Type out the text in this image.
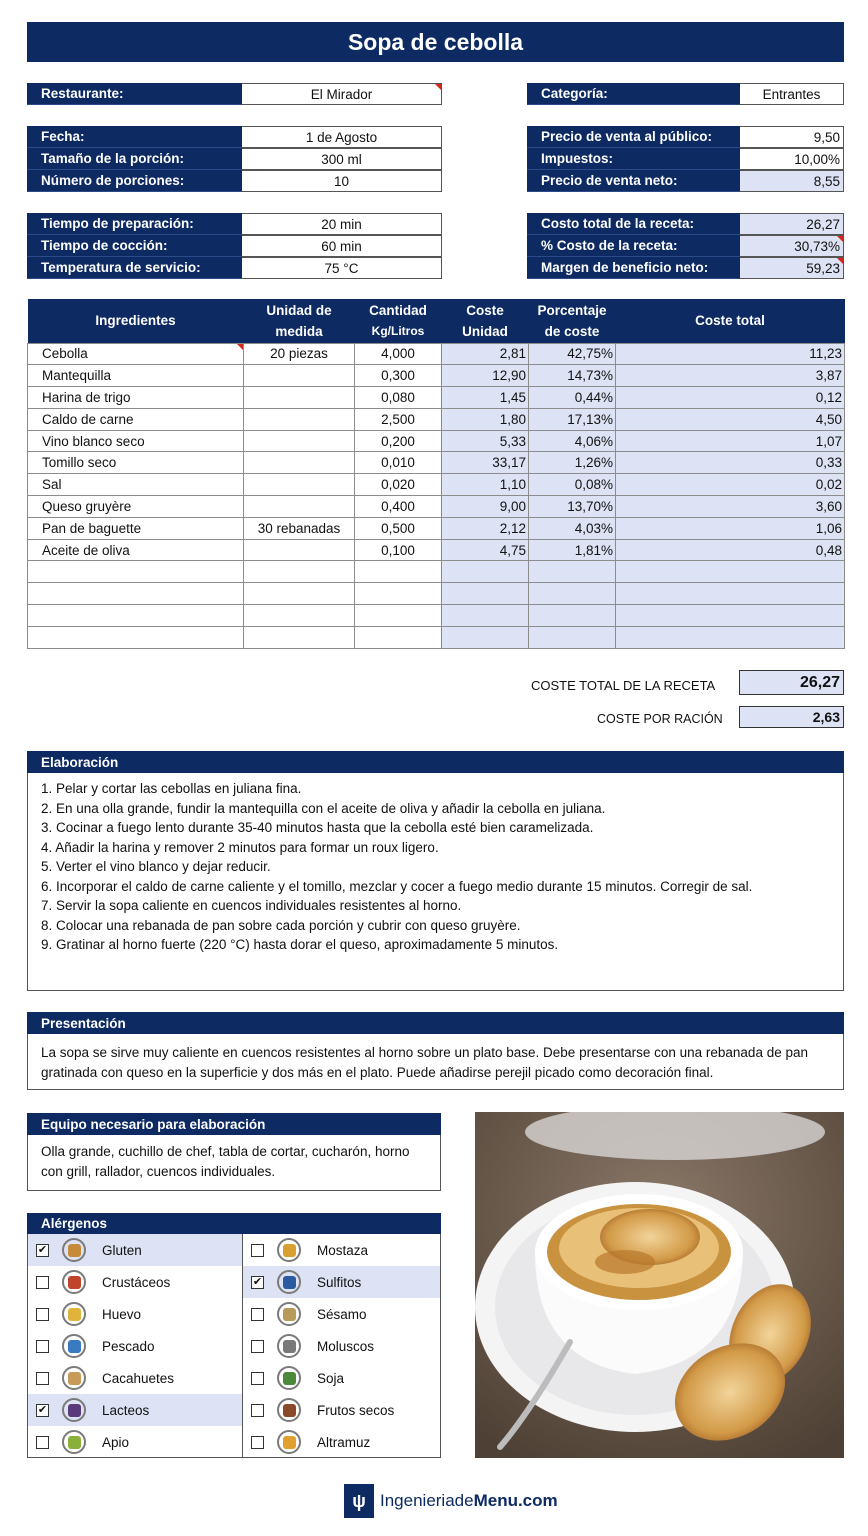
Sopa de cebolla
Restaurante:	El Mirador
Fecha:	1 de Agosto
Tamaño de la porción:	300 ml
Número de porciones:	10
Tiempo de preparación:	20 min
Tiempo de cocción:	60 min
Temperatura de servicio:	75 °C
Categoría:	Entrantes
Precio de venta al público:	9,50
Impuestos:	10,00%
Precio de venta neto:	8,55
Costo total de la receta:	26,27
% Costo de la receta:	30,73%
Margen de beneficio neto:	59,23
Ingredientes	Unidad de	Cantidad	Coste	Porcentaje	Coste total
	medida	Kg/Litros	Unidad	de coste	
Cebolla	20 piezas	4,000	2,81	42,75%	11,23
Mantequilla		0,300	12,90	14,73%	3,87
Harina de trigo		0,080	1,45	0,44%	0,12
Caldo de carne		2,500	1,80	17,13%	4,50
Vino blanco seco		0,200	5,33	4,06%	1,07
Tomillo seco		0,010	33,17	1,26%	0,33
Sal		0,020	1,10	0,08%	0,02
Queso gruyère		0,400	9,00	13,70%	3,60
Pan de baguette	30 rebanadas	0,500	2,12	4,03%	1,06
Aceite de oliva		0,100	4,75	1,81%	0,48

COSTE TOTAL DE LA RECETA	26,27
COSTE POR RACIÓN	2,63
Elaboración
1. Pelar y cortar las cebollas en juliana fina.
2. En una olla grande, fundir la mantequilla con el aceite de oliva y añadir la cebolla en juliana.
3. Cocinar a fuego lento durante 35-40 minutos hasta que la cebolla esté bien caramelizada.
4. Añadir la harina y remover 2 minutos para formar un roux ligero.
5. Verter el vino blanco y dejar reducir.
6. Incorporar el caldo de carne caliente y el tomillo, mezclar y cocer a fuego medio durante 15 minutos. Corregir de sal.
7. Servir la sopa caliente en cuencos individuales resistentes al horno.
8. Colocar una rebanada de pan sobre cada porción y cubrir con queso gruyère.
9. Gratinar al horno fuerte (220 °C) hasta dorar el queso, aproximadamente 5 minutos.
Presentación
La sopa se sirve muy caliente en cuencos resistentes al horno sobre un plato base. Debe presentarse con una rebanada de pan gratinada con queso en la superficie y dos más en el plato. Puede añadirse perejil picado como decoración final.
Equipo necesario para elaboración
Olla grande, cuchillo de chef, tabla de cortar, cucharón, horno con grill, rallador, cuencos individuales.
Alérgenos
✔	Gluten
Crustáceos
Huevo
Pescado
Cacahuetes
✔	Lacteos
Apio
Mostaza
✔	Sulfitos
Sésamo
Moluscos
Soja
Frutos secos
Altramuz
ψ IngenieriadeMenu.com
